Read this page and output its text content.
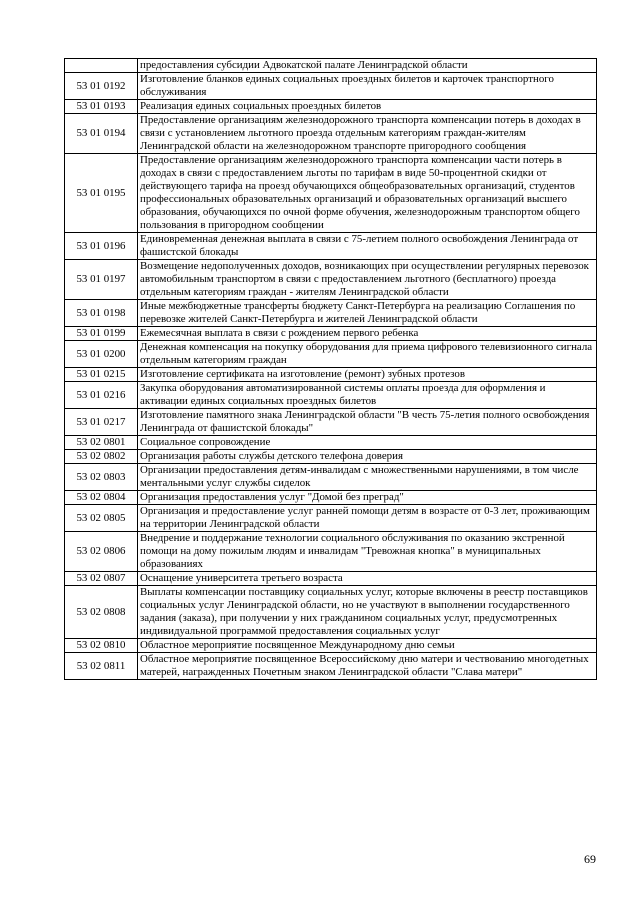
	предоставления субсидии Адвокатской палате Ленинградской области
53 01 0192	Изготовление бланков единых социальных проездных билетов и карточек транспортного обслуживания
53 01 0193	Реализация единых социальных проездных билетов
53 01 0194	Предоставление организациям железнодорожного транспорта компенсации потерь в доходах в связи с установлением льготного проезда отдельным категориям граждан-жителям Ленинградской области на железнодорожном транспорте пригородного сообщения
53 01 0195	Предоставление организациям железнодорожного транспорта компенсации части потерь в доходах в связи с предоставлением льготы по тарифам в виде 50-процентной скидки от действующего тарифа на проезд обучающихся общеобразовательных организаций, студентов профессиональных образовательных организаций и образовательных организаций высшего образования, обучающихся по очной форме обучения, железнодорожным транспортом общего пользования в пригородном сообщении
53 01 0196	Единовременная денежная выплата в связи с 75-летием полного освобождения Ленинграда от фашистской блокады
53 01 0197	Возмещение недополученных доходов, возникающих при осуществлении регулярных перевозок автомобильным транспортом в связи с предоставлением льготного (бесплатного) проезда отдельным категориям граждан - жителям Ленинградской области
53 01 0198	Иные межбюджетные трансферты бюджету Санкт-Петербурга на реализацию Соглашения по перевозке жителей Санкт-Петербурга и жителей Ленинградской области
53 01 0199	Ежемесячная выплата в связи с рождением первого ребенка
53 01 0200	Денежная компенсация на покупку оборудования для приема цифрового телевизионного сигнала отдельным категориям граждан
53 01 0215	Изготовление сертификата на изготовление (ремонт) зубных протезов
53 01 0216	Закупка оборудования автоматизированной системы оплаты проезда для оформления и активации единых социальных проездных билетов
53 01 0217	Изготовление памятного знака Ленинградской области "В честь 75-летия полного освобождения Ленинграда от фашистской блокады"
53 02 0801	Социальное сопровождение
53 02 0802	Организация работы службы детского телефона доверия
53 02 0803	Организации предоставления детям-инвалидам с множественными нарушениями, в том числе ментальными услуг службы сиделок
53 02 0804	Организация предоставления услуг "Домой без преград"
53 02 0805	Организация и предоставление услуг ранней помощи детям в возрасте от 0-3 лет, проживающим на территории Ленинградской области
53 02 0806	Внедрение и поддержание технологии социального обслуживания по оказанию экстренной помощи на дому пожилым людям и инвалидам "Тревожная кнопка" в муниципальных образованиях
53 02 0807	Оснащение университета третьего возраста
53 02 0808	Выплаты компенсации поставщику социальных услуг, которые включены в реестр поставщиков социальных услуг Ленинградской области, но не участвуют в выполнении государственного задания (заказа), при получении у них гражданином социальных услуг, предусмотренных индивидуальной программой предоставления социальных услуг
53 02 0810	Областное мероприятие посвященное Международному дню семьи
53 02 0811	Областное мероприятие посвященное Всероссийскому дню матери и чествованию многодетных матерей, награжденных Почетным знаком Ленинградской области "Слава матери"
69
